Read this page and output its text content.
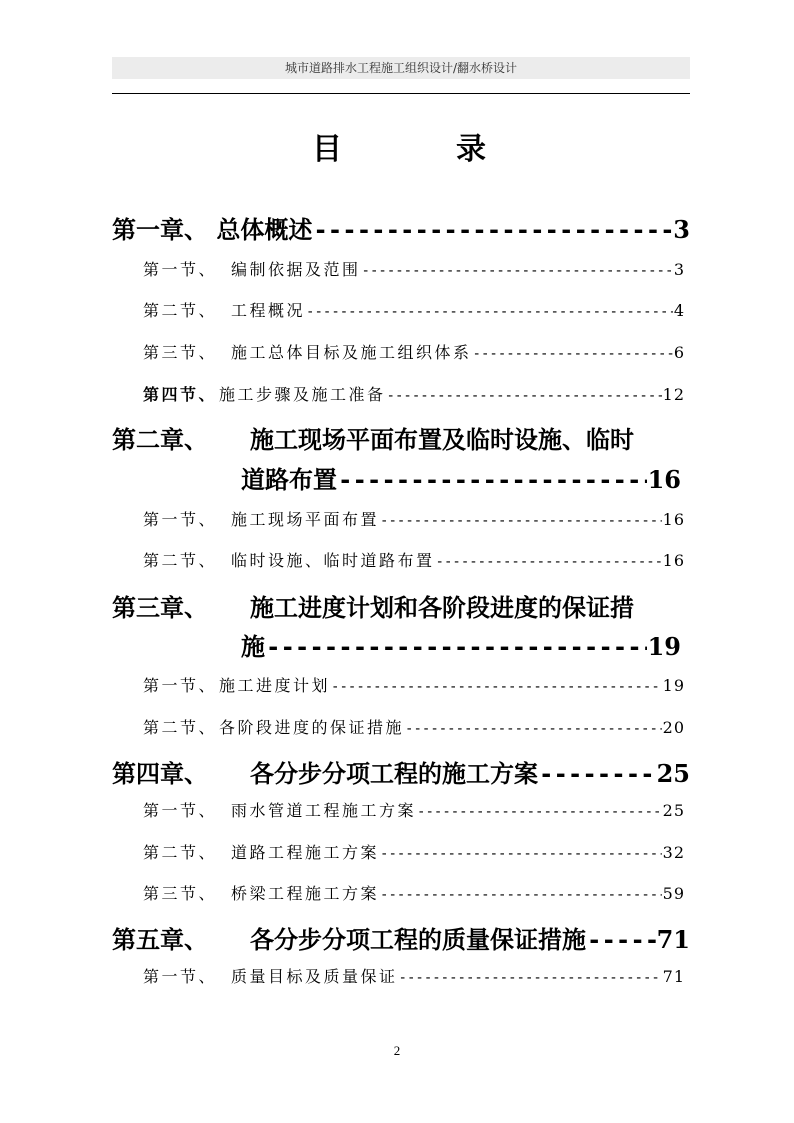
城市道路排水工程施工组织设计/翻水桥设计
目	录
第一章、 总体概述 -----	3
第一节、 编制依据及范围 -----	3
第二节、 工程概况 -----	4
第三节、 施工总体目标及施工组织体系 -----	6
第四节、 施工步骤及施工准备 -----	12
第二章、 施工现场平面布置及临时设施、临时
道路布置 -----	16
第一节、 施工现场平面布置 -----	16
第二节、 临时设施、临时道路布置 -----	16
第三章、 施工进度计划和各阶段进度的保证措
施 -----	19
第一节、 施工进度计划 -----	19
第二节、 各阶段进度的保证措施 -----	20
第四章、 各分步分项工程的施工方案 -----	25
第一节、 雨水管道工程施工方案 -----	25
第二节、 道路工程施工方案 -----	32
第三节、 桥梁工程施工方案 -----	59
第五章、 各分步分项工程的质量保证措施 -----	71
第一节、 质量目标及质量保证 -----	71
2
